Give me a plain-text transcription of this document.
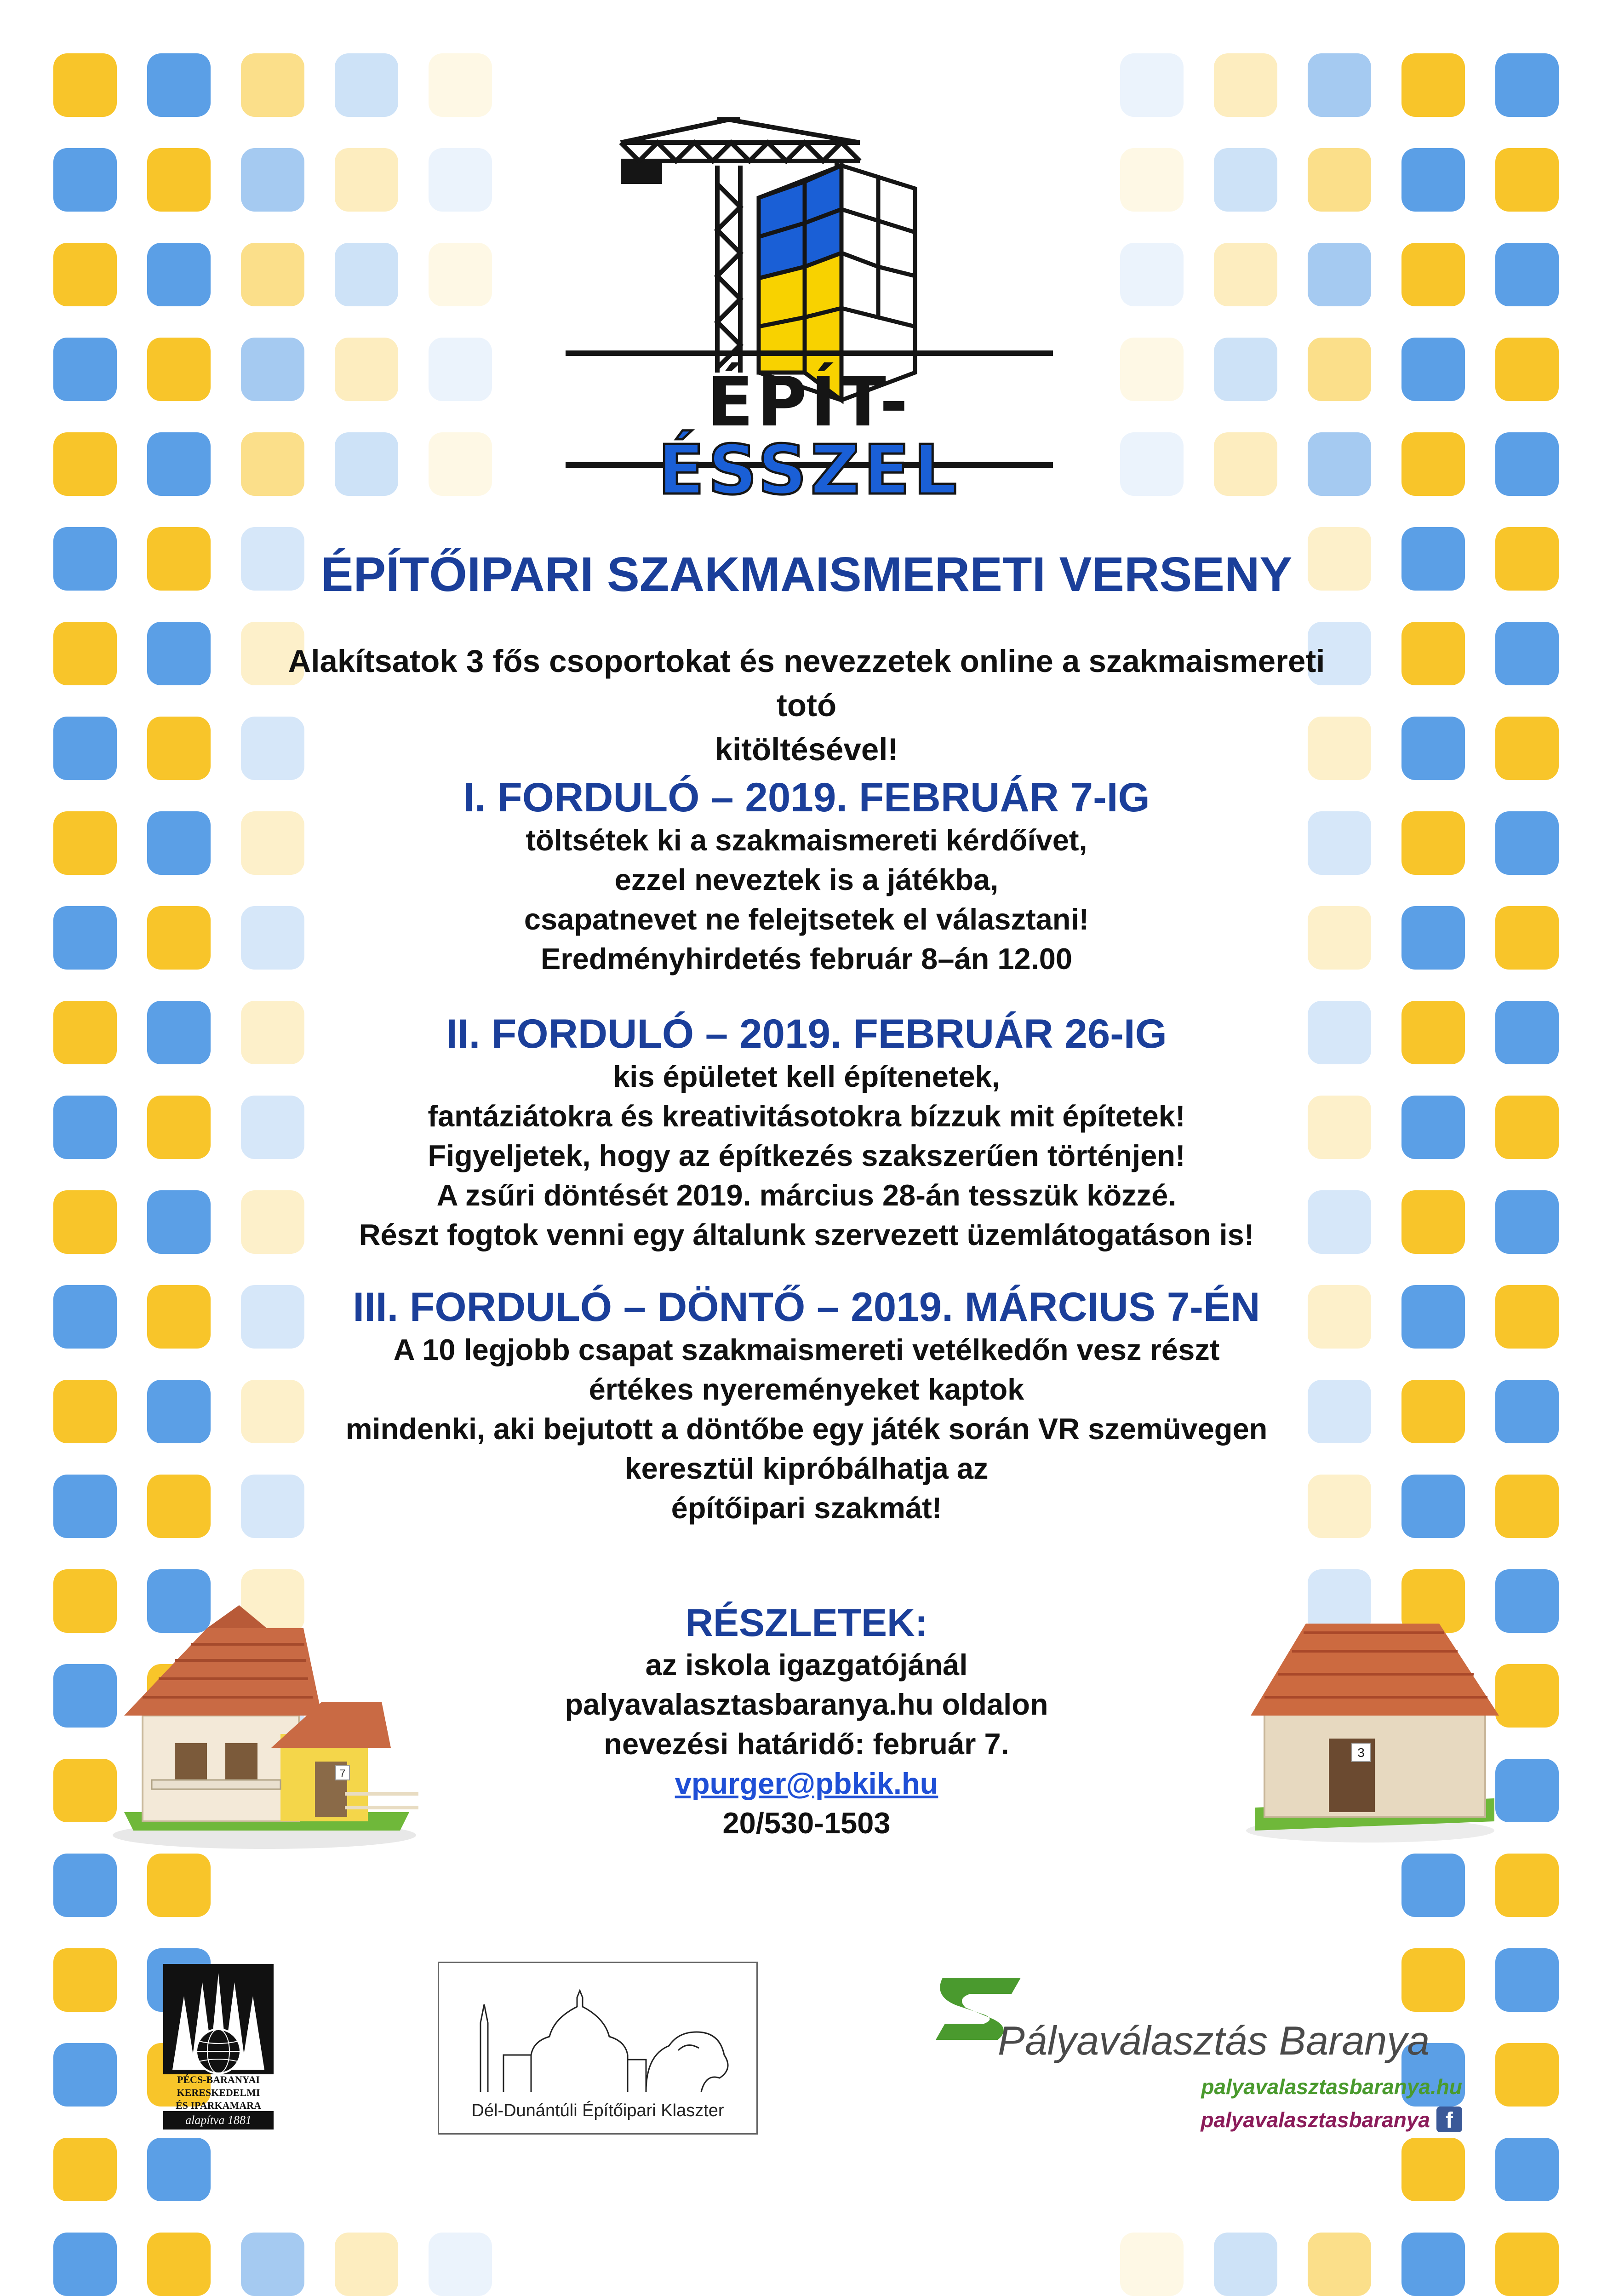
ÉPÍT-ÉSSZEL
ÉPÍTŐIPARI SZAKMAISMERETI VERSENY
Alakítsatok 3 fős csoportokat és nevezzetek online a szakmaismereti totó
kitöltésével!
I. FORDULÓ – 2019. FEBRUÁR 7-IG
töltsétek ki a szakmaismereti kérdőívet,
ezzel neveztek is a játékba,
csapatnevet ne felejtsetek el választani!
Eredményhirdetés február 8–án 12.00
II. FORDULÓ – 2019. FEBRUÁR 26-IG
kis épületet kell építenetek,
fantáziátokra és kreativitásotokra bízzuk mit építetek!
Figyeljetek, hogy az építkezés szakszerűen történjen!
A zsűri döntését 2019. március 28-án tesszük közzé.
Részt fogtok venni egy általunk szervezett üzemlátogatáson is!
III. FORDULÓ – DÖNTŐ – 2019. MÁRCIUS 7-ÉN
A 10 legjobb csapat szakmaismereti vetélkedőn vesz részt
értékes nyereményeket kaptok
mindenki, aki bejutott a döntőbe egy játék során VR szemüvegen
keresztül kipróbálhatja az
építőipari szakmát!
RÉSZLETEK:
az iskola igazgatójánál
palyavalasztasbaranya.hu oldalon
nevezési határidő: február 7.
vpurger@pbkik.hu
20/530-1503
7
3
PÉCS-BARANYAI
KERESKEDELMI
ÉS IPARKAMARA
alapítva 1881	Dél-Dunántúli Építőipari Klaszter
Pályaválasztás Baranya
palyavalasztasbaranya.hu
palyavalasztasbaranya f
